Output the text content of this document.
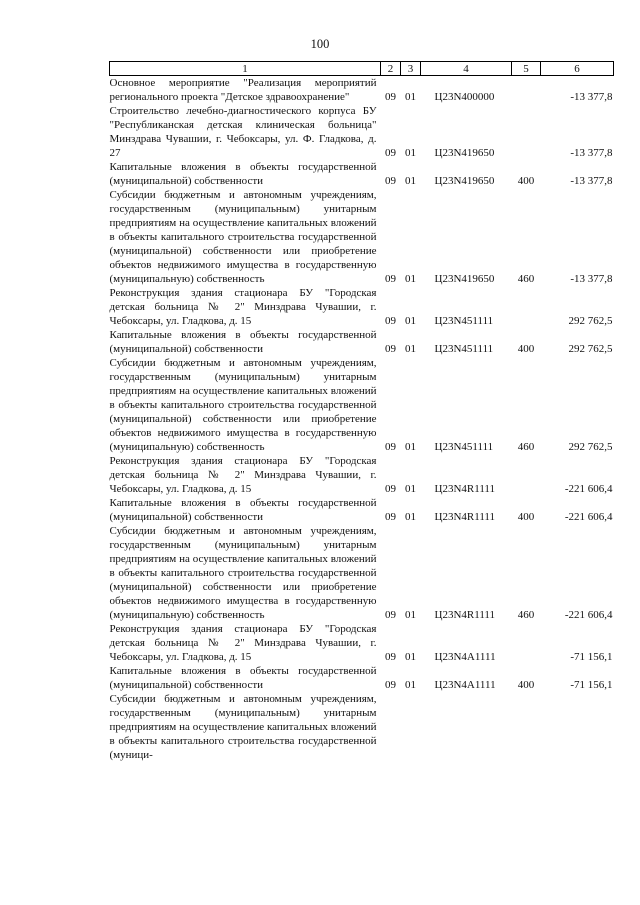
100
1	2	3	4	5	6
Основное мероприятие "Реализация мероприятий регионального проекта "Детское здравоохранение"	09	01	Ц23N400000		-13 377,8
Строительство лечебно-диагностического корпуса БУ "Республиканская детская клиническая больница" Минздрава Чувашии, г. Чебоксары, ул. Ф. Гладкова, д. 27	09	01	Ц23N419650		-13 377,8
Капитальные вложения в объекты государственной (муниципальной) собственности	09	01	Ц23N419650	400	-13 377,8
Субсидии бюджетным и автономным учреждениям, государственным (муниципальным) унитарным предприятиям на осуществление капитальных вложений в объекты капитального строительства государственной (муниципальной) собственности или приобретение объектов недвижимого имущества в государственную (муниципальную) собственность	09	01	Ц23N419650	460	-13 377,8
Реконструкция здания стационара БУ "Городская детская больница № 2" Минздрава Чувашии, г. Чебоксары, ул. Гладкова, д. 15	09	01	Ц23N451111		292 762,5
Капитальные вложения в объекты государственной (муниципальной) собственности	09	01	Ц23N451111	400	292 762,5
Субсидии бюджетным и автономным учреждениям, государственным (муниципальным) унитарным предприятиям на осуществление капитальных вложений в объекты капитального строительства государственной (муниципальной) собственности или приобретение объектов недвижимого имущества в государственную (муниципальную) собственность	09	01	Ц23N451111	460	292 762,5
Реконструкция здания стационара БУ "Городская детская больница № 2" Минздрава Чувашии, г. Чебоксары, ул. Гладкова, д. 15	09	01	Ц23N4R1111		-221 606,4
Капитальные вложения в объекты государственной (муниципальной) собственности	09	01	Ц23N4R1111	400	-221 606,4
Субсидии бюджетным и автономным учреждениям, государственным (муниципальным) унитарным предприятиям на осуществление капитальных вложений в объекты капитального строительства государственной (муниципальной) собственности или приобретение объектов недвижимого имущества в государственную (муниципальную) собственность	09	01	Ц23N4R1111	460	-221 606,4
Реконструкция здания стационара БУ "Городская детская больница № 2" Минздрава Чувашии, г. Чебоксары, ул. Гладкова, д. 15	09	01	Ц23N4A1111		-71 156,1
Капитальные вложения в объекты государственной (муниципальной) собственности	09	01	Ц23N4A1111	400	-71 156,1
Субсидии бюджетным и автономным учреждениям, государственным (муниципальным) унитарным предприятиям на осуществление капитальных вложений в объекты капитального строительства государственной (муници-					
